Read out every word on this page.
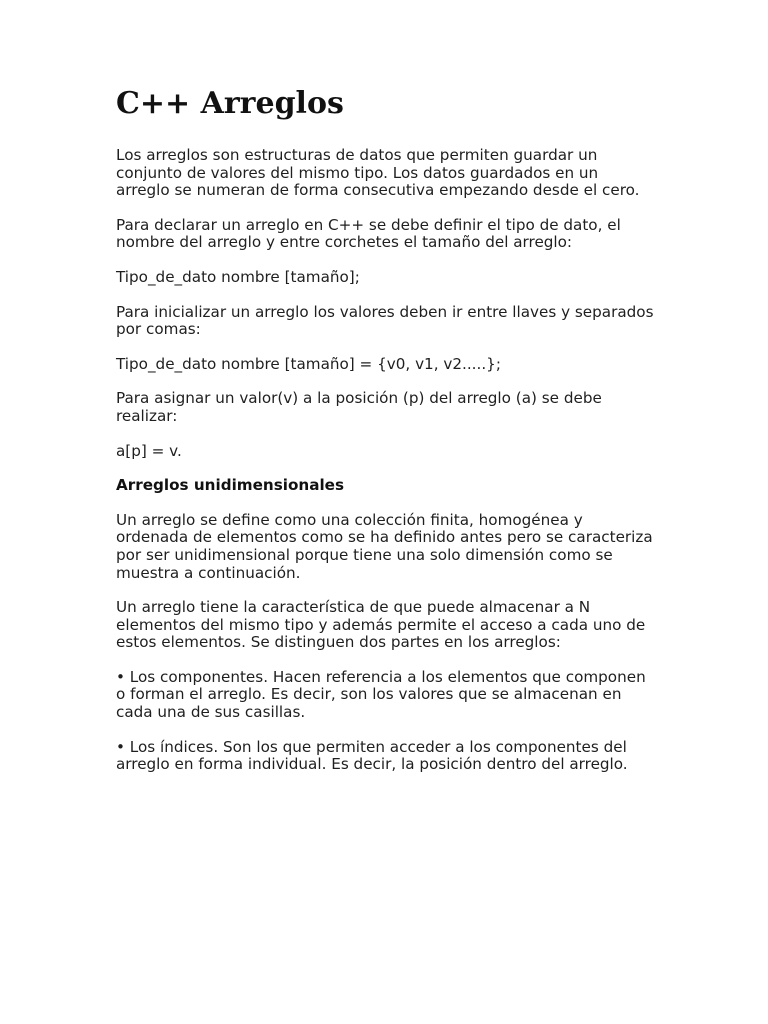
C++ Arreglos

Los arreglos son estructuras de datos que permiten guardar un conjunto de valores del mismo tipo. Los datos guardados en un arreglo se numeran de forma consecutiva empezando desde el cero.

Para declarar un arreglo en C++ se debe definir el tipo de dato, el nombre del arreglo y entre corchetes el tamaño del arreglo:

Tipo_de_dato nombre [tamaño];

Para inicializar un arreglo los valores deben ir entre llaves y separados por comas:

Tipo_de_dato nombre [tamaño] = {v0, v1, v2.....};

Para asignar un valor(v) a la posición (p) del arreglo (a) se debe realizar:

a[p] = v.

Arreglos unidimensionales

Un arreglo se define como una colección finita, homogénea y ordenada de elementos como se ha definido antes pero se caracteriza por ser unidimensional porque tiene una solo dimensión como se muestra a continuación.

Un arreglo tiene la característica de que puede almacenar a N elementos del mismo tipo y además permite el acceso a cada uno de estos elementos. Se distinguen dos partes en los arreglos:

• Los componentes. Hacen referencia a los elementos que componen o forman el arreglo. Es decir, son los valores que se almacenan en cada una de sus casillas.

• Los índices. Son los que permiten acceder a los componentes del arreglo en forma individual. Es decir, la posición dentro del arreglo.
